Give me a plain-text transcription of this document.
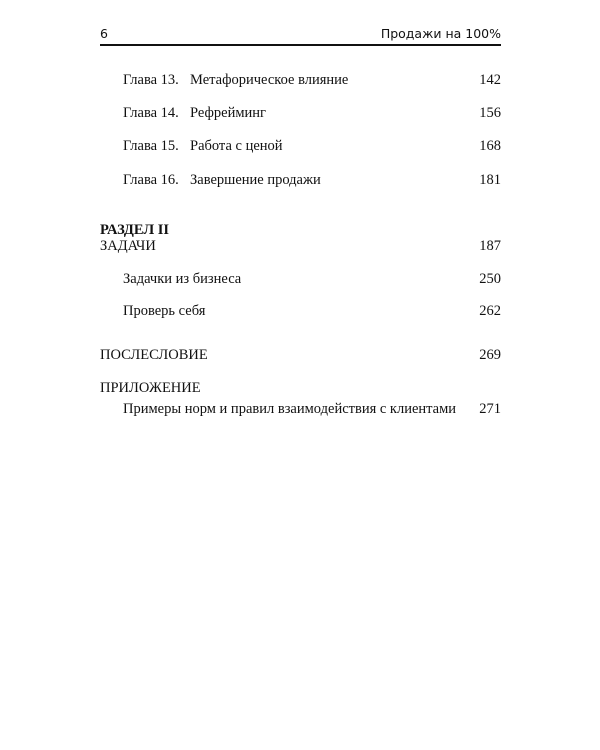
6	Продажи на 100%
Глава 13. Метафорическое влияние	142
Глава 14. Рефрейминг	156
Глава 15. Работа с ценой	168
Глава 16. Завершение продажи	181
РАЗДЕЛ II
ЗАДАЧИ	187
Задачки из бизнеса	250
Проверь себя	262
ПОСЛЕСЛОВИЕ	269
ПРИЛОЖЕНИЕ
Примеры норм и правил взаимодействия с клиентами 271
